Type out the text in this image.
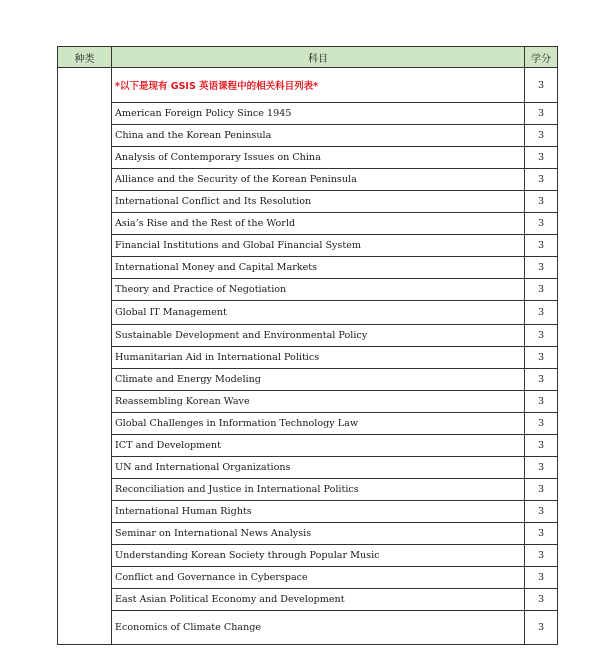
种类	科目	学分
	*以下是现有 GSIS 英语课程中的相关科目列表*	3
	American Foreign Policy Since 1945	3
	China and the Korean Peninsula	3
	Analysis of Contemporary Issues on China	3
	Alliance and the Security of the Korean Peninsula	3
	International Conflict and Its Resolution	3
	Asia’s Rise and the Rest of the World	3
	Financial Institutions and Global Financial System	3
	International Money and Capital Markets	3
	Theory and Practice of Negotiation	3
	Global IT Management	3
	Sustainable Development and Environmental Policy	3
	Humanitarian Aid in International Politics	3
	Climate and Energy Modeling	3
	Reassembling Korean Wave	3
	Global Challenges in Information Technology Law	3
	ICT and Development	3
	UN and International Organizations	3
	Reconciliation and Justice in International Politics	3
	International Human Rights	3
	Seminar on International News Analysis	3
	Understanding Korean Society through Popular Music	3
	Conflict and Governance in Cyberspace	3
	East Asian Political Economy and Development	3
	Economics of Climate Change	3
